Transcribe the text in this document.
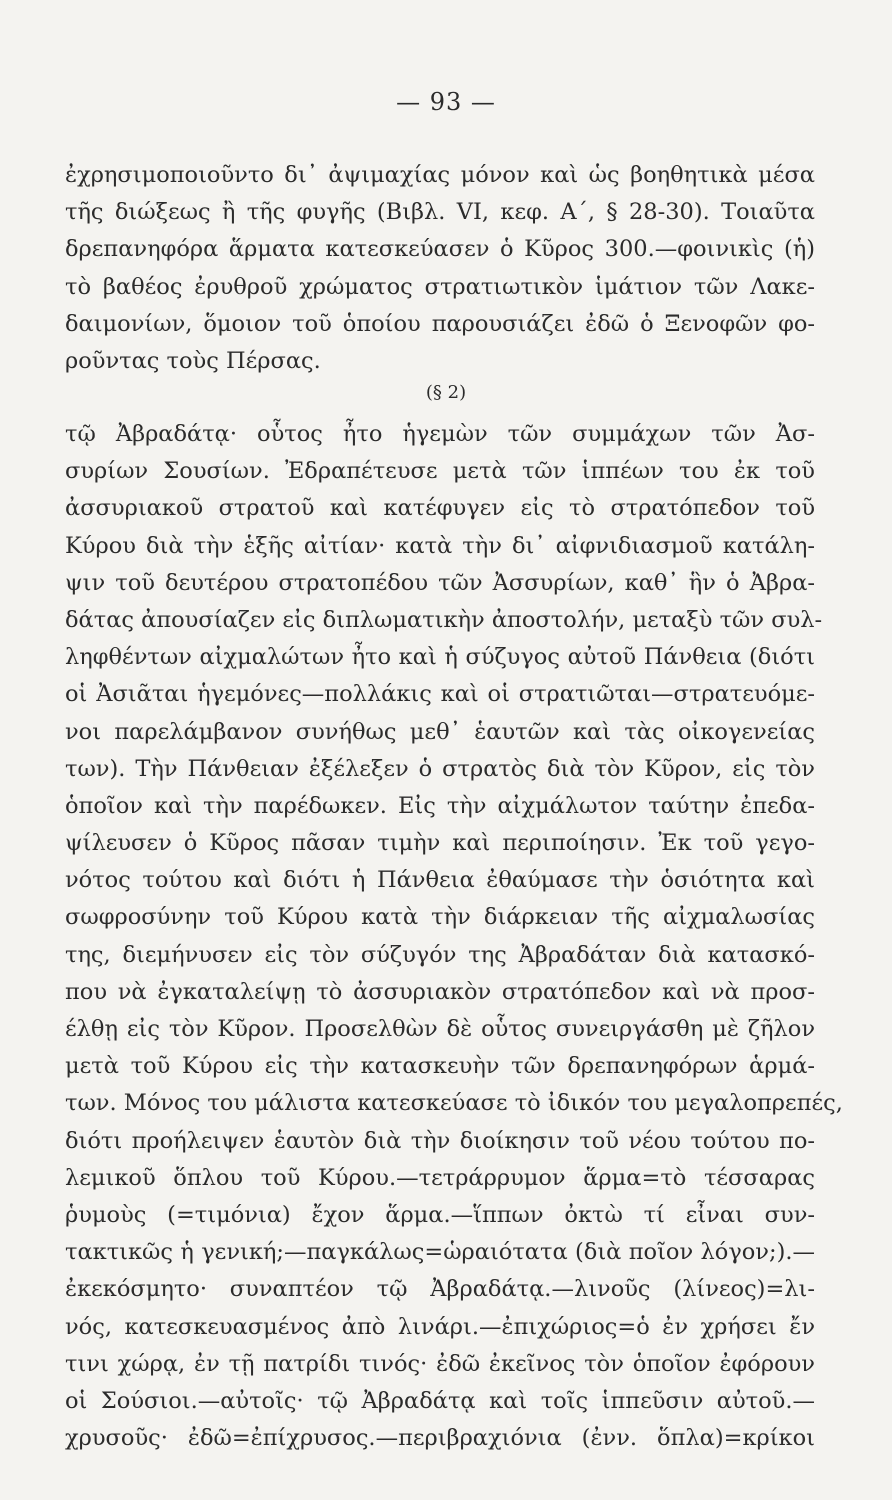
— 93 —
ἐχρησιμοποιοῦντο δι᾽ ἀψιμαχίας μόνον καὶ ὡς βοηθητικὰ μέσα
τῆς διώξεως ἢ τῆς φυγῆς (Βιβλ. VI, κεφ. Α΄, § 28-30). Τοιαῦτα
δρεπανηφόρα ἅρματα κατεσκεύασεν ὁ Κῦρος 300.—φοινικὶς (ἡ)
τὸ βαθέος ἐρυθροῦ χρώματος στρατιωτικὸν ἱμάτιον τῶν Λακε-
δαιμονίων, ὅμοιον τοῦ ὁποίου παρουσιάζει ἐδῶ ὁ Ξενοφῶν φο-
ροῦντας τοὺς Πέρσας.
(§ 2)
τῷ Ἀβραδάτᾳ· οὗτος ἦτο ἡγεμὼν τῶν συμμάχων τῶν Ἀσ-
συρίων Σουσίων. Ἐδραπέτευσε μετὰ τῶν ἱππέων του ἐκ τοῦ
ἀσσυριακοῦ στρατοῦ καὶ κατέφυγεν εἰς τὸ στρατόπεδον τοῦ
Κύρου διὰ τὴν ἑξῆς αἰτίαν· κατὰ τὴν δι᾽ αἰφνιδιασμοῦ κατάλη-
ψιν τοῦ δευτέρου στρατοπέδου τῶν Ἀσσυρίων, καθ᾽ ἣν ὁ Ἀβρα-
δάτας ἀπουσίαζεν εἰς διπλωματικὴν ἀποστολήν, μεταξὺ τῶν συλ-
ληφθέντων αἰχμαλώτων ἦτο καὶ ἡ σύζυγος αὐτοῦ Πάνθεια (διότι
οἱ Ἀσιᾶται ἡγεμόνες—πολλάκις καὶ οἱ στρατιῶται—στρατευόμε-
νοι παρελάμβανον συνήθως μεθ᾽ ἑαυτῶν καὶ τὰς οἰκογενείας
των). Τὴν Πάνθειαν ἐξέλεξεν ὁ στρατὸς διὰ τὸν Κῦρον, εἰς τὸν
ὁποῖον καὶ τὴν παρέδωκεν. Εἰς τὴν αἰχμάλωτον ταύτην ἐπεδα-
ψίλευσεν ὁ Κῦρος πᾶσαν τιμὴν καὶ περιποίησιν. Ἐκ τοῦ γεγο-
νότος τούτου καὶ διότι ἡ Πάνθεια ἐθαύμασε τὴν ὁσιότητα καὶ
σωφροσύνην τοῦ Κύρου κατὰ τὴν διάρκειαν τῆς αἰχμαλωσίας
της, διεμήνυσεν εἰς τὸν σύζυγόν της Ἀβραδάταν διὰ κατασκό-
που νὰ ἐγκαταλείψῃ τὸ ἀσσυριακὸν στρατόπεδον καὶ νὰ προσ-
έλθῃ εἰς τὸν Κῦρον. Προσελθὼν δὲ οὗτος συνειργάσθη μὲ ζῆλον
μετὰ τοῦ Κύρου εἰς τὴν κατασκευὴν τῶν δρεπανηφόρων ἁρμά-
των. Μόνος του μάλιστα κατεσκεύασε τὸ ἰδικόν του μεγαλοπρεπές,
διότι προήλειψεν ἑαυτὸν διὰ τὴν διοίκησιν τοῦ νέου τούτου πο-
λεμικοῦ ὅπλου τοῦ Κύρου.—τετράρρυμον ἅρμα=τὸ τέσσαρας
ῥυμοὺς (=τιμόνια) ἔχον ἅρμα.—ἵππων ὀκτὼ τί εἶναι συν-
τακτικῶς ἡ γενική;—παγκάλως=ὡραιότατα (διὰ ποῖον λόγον;).—
ἐκεκόσμητο· συναπτέον τῷ Ἀβραδάτᾳ.—λινοῦς (λίνεος)=λι-
νός, κατεσκευασμένος ἀπὸ λινάρι.—ἐπιχώριος=ὁ ἐν χρήσει ἔν
τινι χώρᾳ, ἐν τῇ πατρίδι τινός· ἐδῶ ἐκεῖνος τὸν ὁποῖον ἐφόρουν
οἱ Σούσιοι.—αὐτοῖς· τῷ Ἀβραδάτᾳ καὶ τοῖς ἱππεῦσιν αὐτοῦ.—
χρυσοῦς· ἐδῶ=ἐπίχρυσος.—περιβραχιόνια (ἐνν. ὅπλα)=κρίκοι
